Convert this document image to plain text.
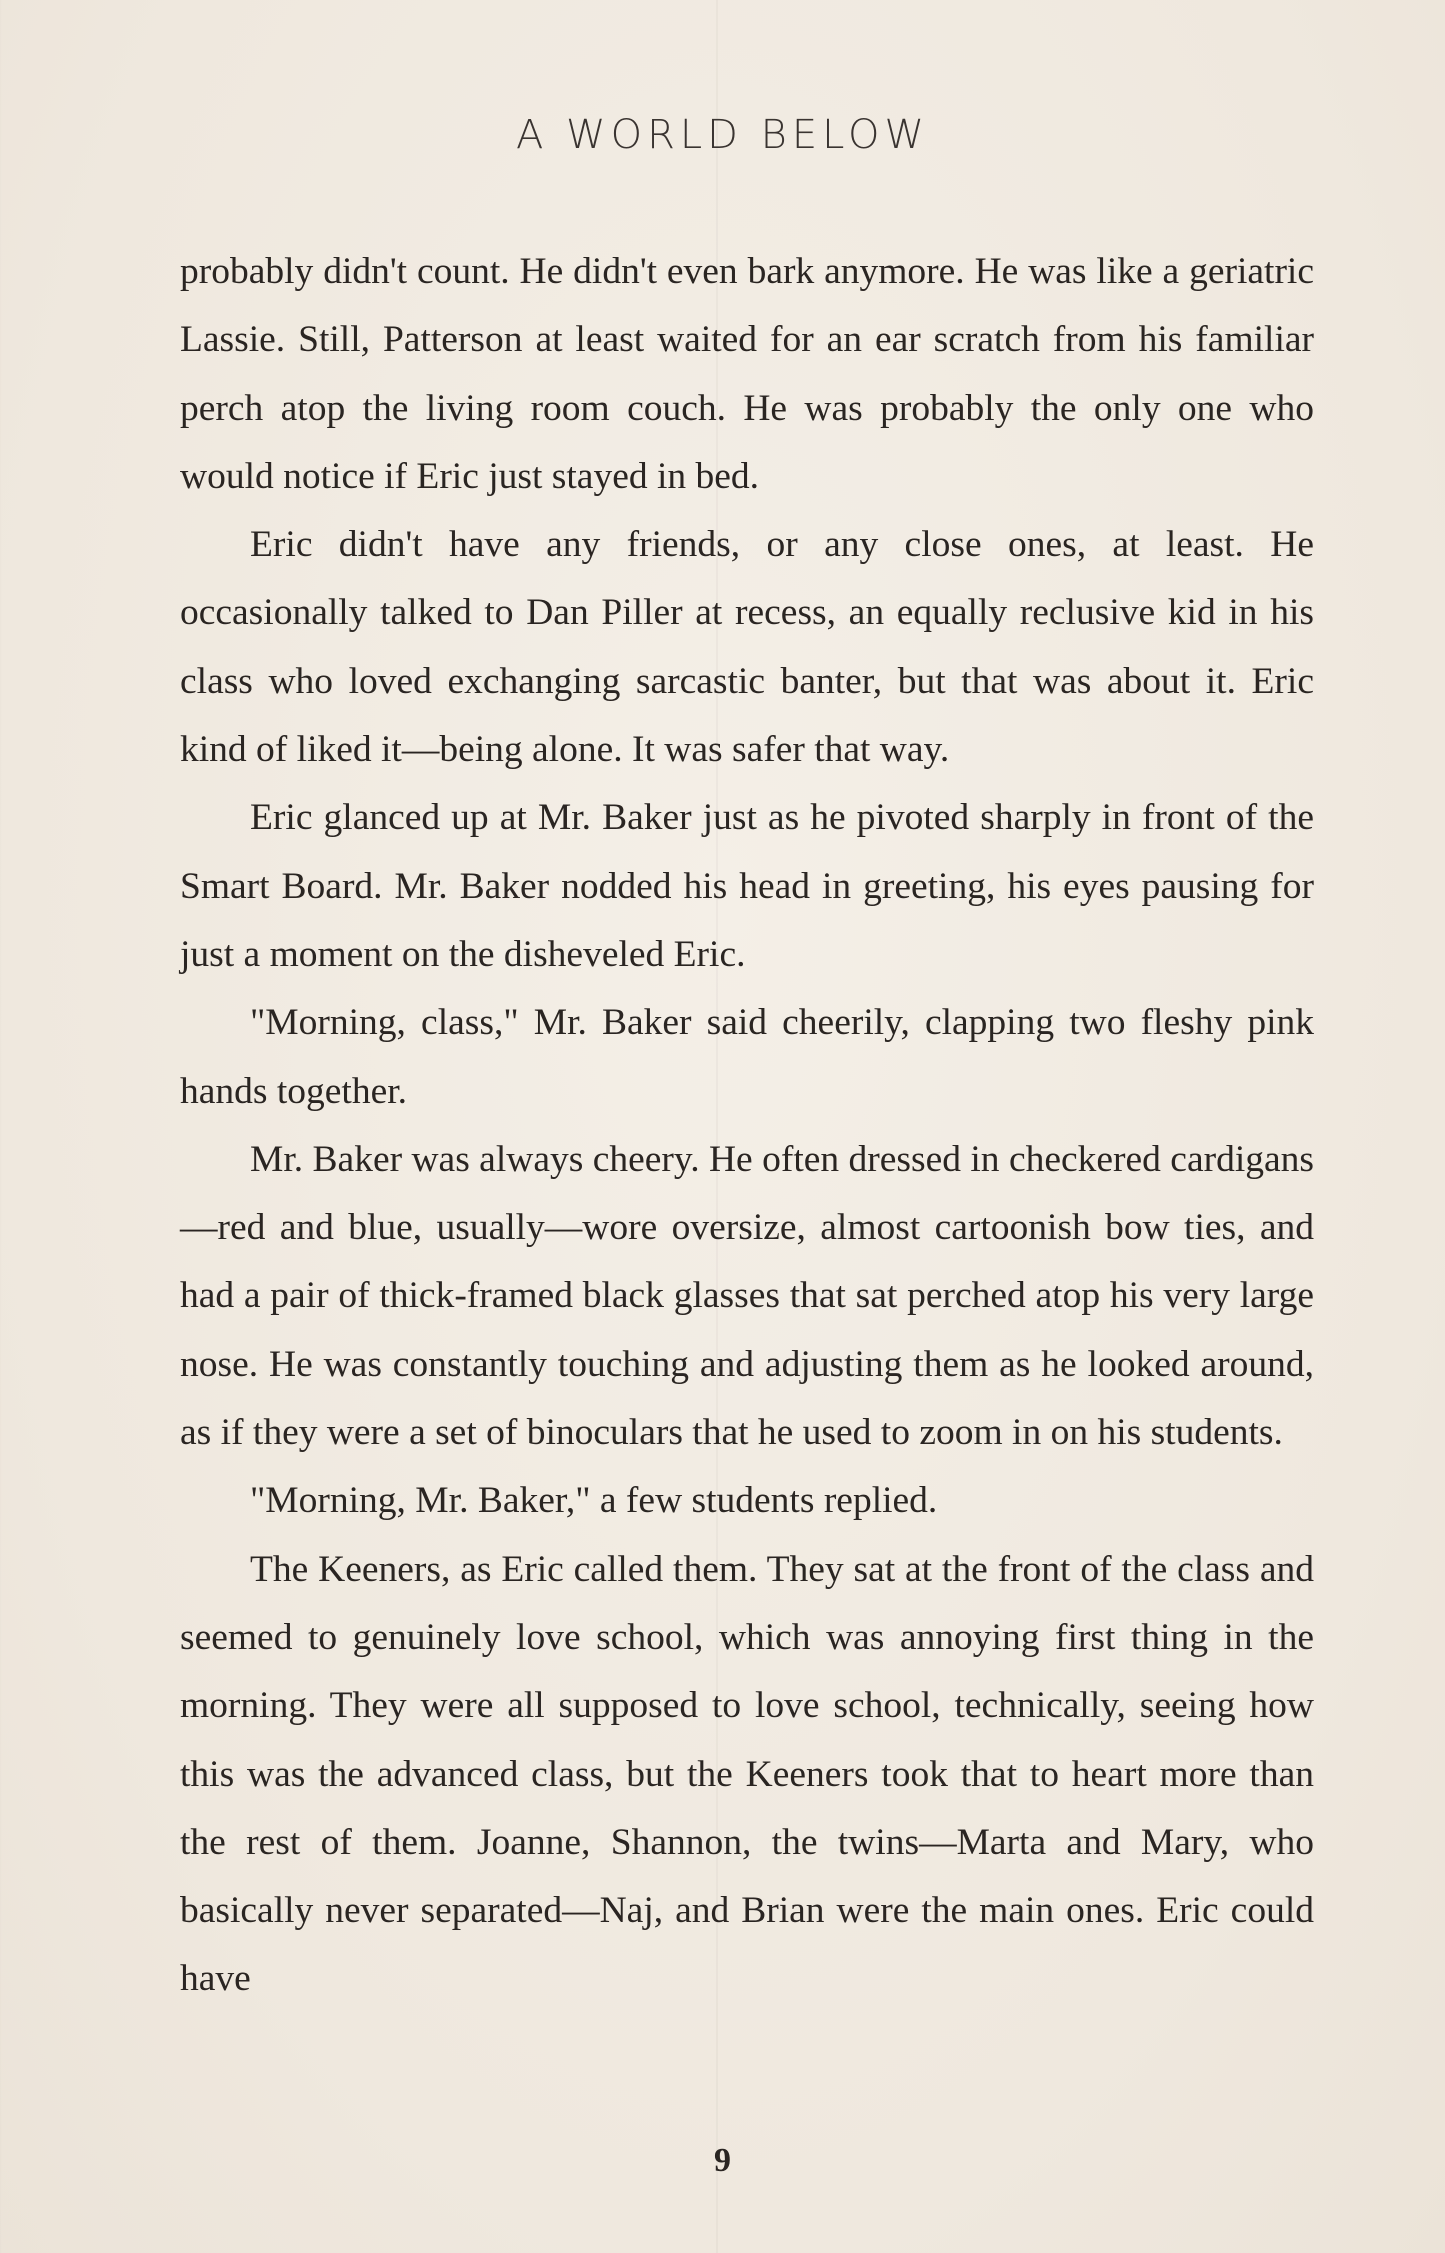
A WORLD BELOW

probably didn't count. He didn't even bark anymore. He was like a geriatric Lassie. Still, Patterson at least waited for an ear scratch from his familiar perch atop the living room couch. He was probably the only one who would notice if Eric just stayed in bed.

Eric didn't have any friends, or any close ones, at least. He occasionally talked to Dan Piller at recess, an equally reclusive kid in his class who loved exchanging sarcastic banter, but that was about it. Eric kind of liked it—being alone. It was safer that way.

Eric glanced up at Mr. Baker just as he pivoted sharply in front of the Smart Board. Mr. Baker nodded his head in greeting, his eyes pausing for just a moment on the disheveled Eric.

"Morning, class," Mr. Baker said cheerily, clapping two fleshy pink hands together.

Mr. Baker was always cheery. He often dressed in checkered cardigans—red and blue, usually—wore oversize, almost cartoonish bow ties, and had a pair of thick-framed black glasses that sat perched atop his very large nose. He was constantly touching and adjusting them as he looked around, as if they were a set of binoculars that he used to zoom in on his students.

"Morning, Mr. Baker," a few students replied.

The Keeners, as Eric called them. They sat at the front of the class and seemed to genuinely love school, which was annoying first thing in the morning. They were all supposed to love school, technically, seeing how this was the advanced class, but the Keeners took that to heart more than the rest of them. Joanne, Shannon, the twins—Marta and Mary, who basically never separated—Naj, and Brian were the main ones. Eric could have

9
